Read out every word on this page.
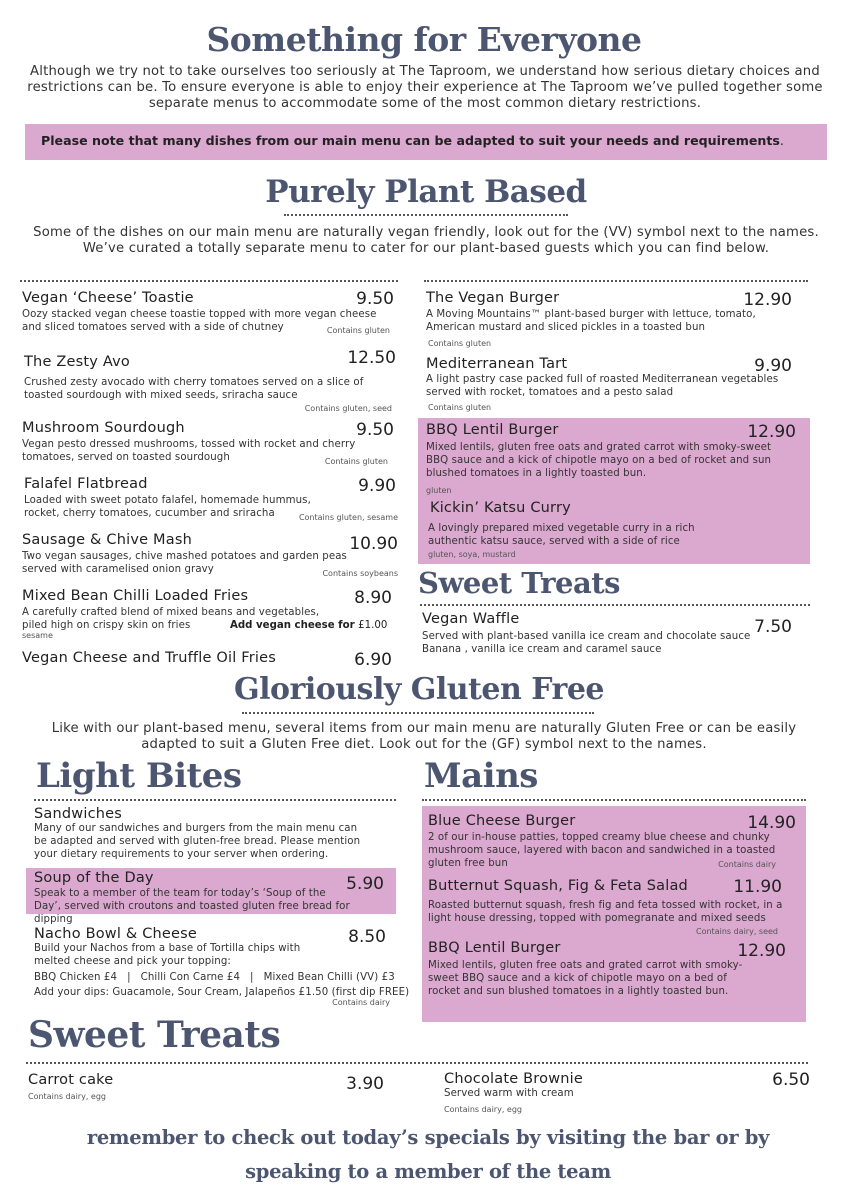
Something for Everyone
Although we try not to take ourselves too seriously at The Taproom, we understand how serious dietary choices and restrictions can be. To ensure everyone is able to enjoy their experience at The Taproom we’ve pulled together some separate menus to accommodate some of the most common dietary restrictions.
Please note that many dishes from our main menu can be adapted to suit your needs and requirements.
Purely Plant Based
Some of the dishes on our main menu are naturally vegan friendly, look out for the (VV) symbol next to the names. We’ve curated a totally separate menu to cater for our plant-based guests which you can find below.
Vegan ‘Cheese’ Toastie	9.50
Oozy stacked vegan cheese toastie topped with more vegan cheese and sliced tomatoes served with a side of chutney	Contains gluten
The Zesty Avo	12.50
Crushed zesty avocado with cherry tomatoes served on a slice of toasted sourdough with mixed seeds, sriracha sauce
Contains gluten, seed
Mushroom Sourdough	9.50
Vegan pesto dressed mushrooms, tossed with rocket and cherry tomatoes, served on toasted sourdough	Contains gluten
Falafel Flatbread	9.90
Loaded with sweet potato falafel, homemade hummus, rocket, cherry tomatoes, cucumber and sriracha	Contains gluten, sesame
Sausage & Chive Mash	10.90
Two vegan sausages, chive mashed potatoes and garden peas served with caramelised onion gravy	Contains soybeans
Mixed Bean Chilli Loaded Fries	8.90
A carefully crafted blend of mixed beans and vegetables, piled high on crispy skin on fries
sesame
Add vegan cheese for £1.00
Vegan Cheese and Truffle Oil Fries	6.90
The Vegan Burger	12.90
A Moving Mountains™ plant-based burger with lettuce, tomato, American mustard and sliced pickles in a toasted bun
Contains gluten
Mediterranean Tart	9.90
A light pastry case packed full of roasted Mediterranean vegetables served with rocket, tomatoes and a pesto salad
Contains gluten
BBQ Lentil Burger	12.90
Mixed lentils, gluten free oats and grated carrot with smoky-sweet BBQ sauce and a kick of chipotle mayo on a bed of rocket and sun blushed tomatoes in a lightly toasted bun.
gluten
Kickin’ Katsu Curry
A lovingly prepared mixed vegetable curry in a rich authentic katsu sauce, served with a side of rice
gluten, soya, mustard
Sweet Treats
Vegan Waffle	7.50
Served with plant-based vanilla ice cream and chocolate sauce
Banana , vanilla ice cream and caramel sauce
Gloriously Gluten Free
Like with our plant-based menu, several items from our main menu are naturally Gluten Free or can be easily adapted to suit a Gluten Free diet. Look out for the (GF) symbol next to the names.
Light Bites
Sandwiches
Many of our sandwiches and burgers from the main menu can be adapted and served with gluten-free bread. Please mention your dietary requirements to your server when ordering.
Soup of the Day	5.90
Speak to a member of the team for today’s ‘Soup of the Day’, served with croutons and toasted gluten free bread for dipping
Nacho Bowl & Cheese	8.50
Build your Nachos from a base of Tortilla chips with melted cheese and pick your topping:
BBQ Chicken £4   |   Chilli Con Carne £4   |   Mixed Bean Chilli (VV) £3
Add your dips: Guacamole, Sour Cream, Jalapeños £1.50 (first dip FREE)
Contains dairy
Mains
Blue Cheese Burger	14.90
2 of our in-house patties, topped creamy blue cheese and chunky mushroom sauce, layered with bacon and sandwiched in a toasted gluten free bun	Contains dairy
Butternut Squash, Fig & Feta Salad	11.90
Roasted butternut squash, fresh fig and feta tossed with rocket, in a light house dressing, topped with pomegranate and mixed seeds
Contains dairy, seed
BBQ Lentil Burger	12.90
Mixed lentils, gluten free oats and grated carrot with smoky-sweet BBQ sauce and a kick of chipotle mayo on a bed of rocket and sun blushed tomatoes in a lightly toasted bun.
Sweet Treats
Carrot cake	3.90
Contains dairy, egg
Chocolate Brownie	6.50
Served warm with cream
Contains dairy, egg
remember to check out today’s specials by visiting the bar or by
speaking to a member of the team
